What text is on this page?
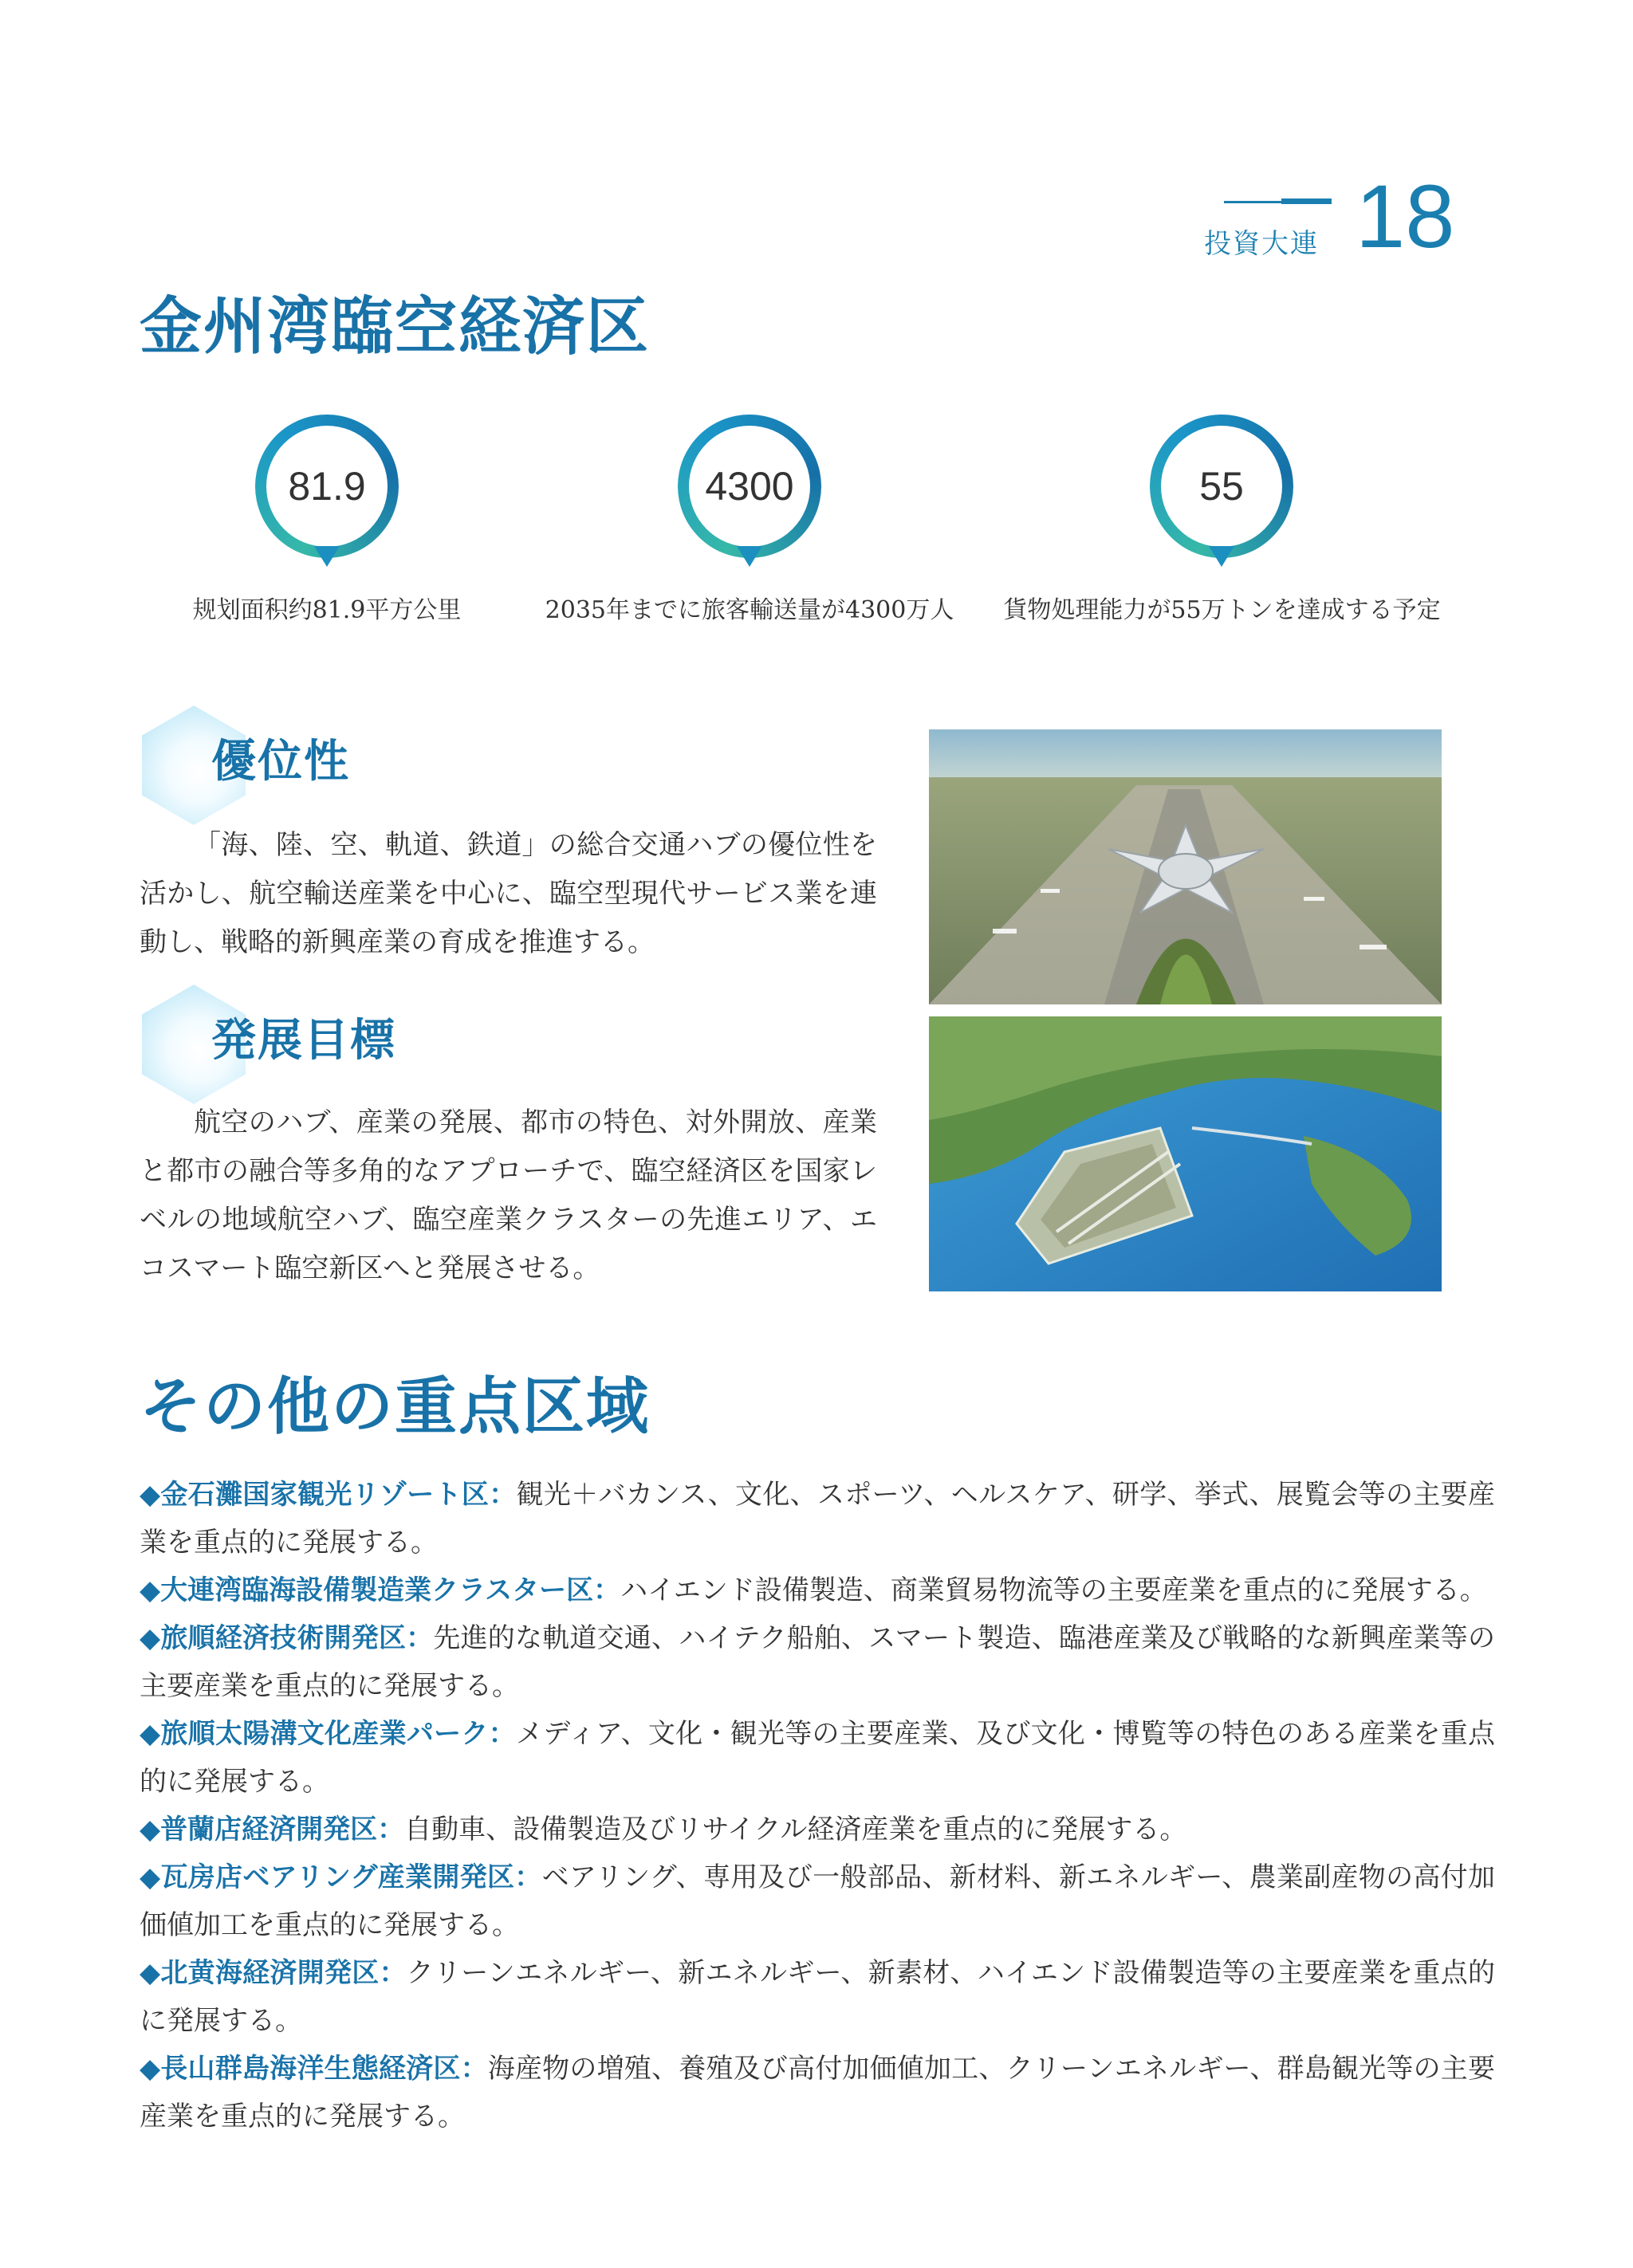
投資大連 18
金州湾臨空経済区
81.9
规划面积约81.9平方公里
4300
2035年までに旅客輸送量が4300万人
55
貨物処理能力が55万トンを達成する予定
優位性
「海、陸、空、軌道、鉄道」の総合交通ハブの優位性を活かし、航空輸送産業を中心に、臨空型現代サービス業を連動し、戦略的新興産業の育成を推進する。
発展目標
航空のハブ、産業の発展、都市の特色、対外開放、産業と都市の融合等多角的なアプローチで、臨空経済区を国家レベルの地域航空ハブ、臨空産業クラスターの先進エリア、エコスマート臨空新区へと発展させる。
その他の重点区域
◆金石灘国家観光リゾート区：観光＋バカンス、文化、スポーツ、ヘルスケア、研学、挙式、展覧会等の主要産業を重点的に発展する。
◆大連湾臨海設備製造業クラスター区：ハイエンド設備製造、商業貿易物流等の主要産業を重点的に発展する。
◆旅順経済技術開発区：先進的な軌道交通、ハイテク船舶、スマート製造、臨港産業及び戦略的な新興産業等の主要産業を重点的に発展する。
◆旅順太陽溝文化産業パーク：メディア、文化・観光等の主要産業、及び文化・博覧等の特色のある産業を重点的に発展する。
◆普蘭店経済開発区：自動車、設備製造及びリサイクル経済産業を重点的に発展する。
◆瓦房店ベアリング産業開発区：ベアリング、専用及び一般部品、新材料、新エネルギー、農業副産物の高付加価値加工を重点的に発展する。
◆北黄海経済開発区：クリーンエネルギー、新エネルギー、新素材、ハイエンド設備製造等の主要産業を重点的に発展する。
◆長山群島海洋生態経済区：海産物の増殖、養殖及び高付加価値加工、クリーンエネルギー、群島観光等の主要産業を重点的に発展する。
